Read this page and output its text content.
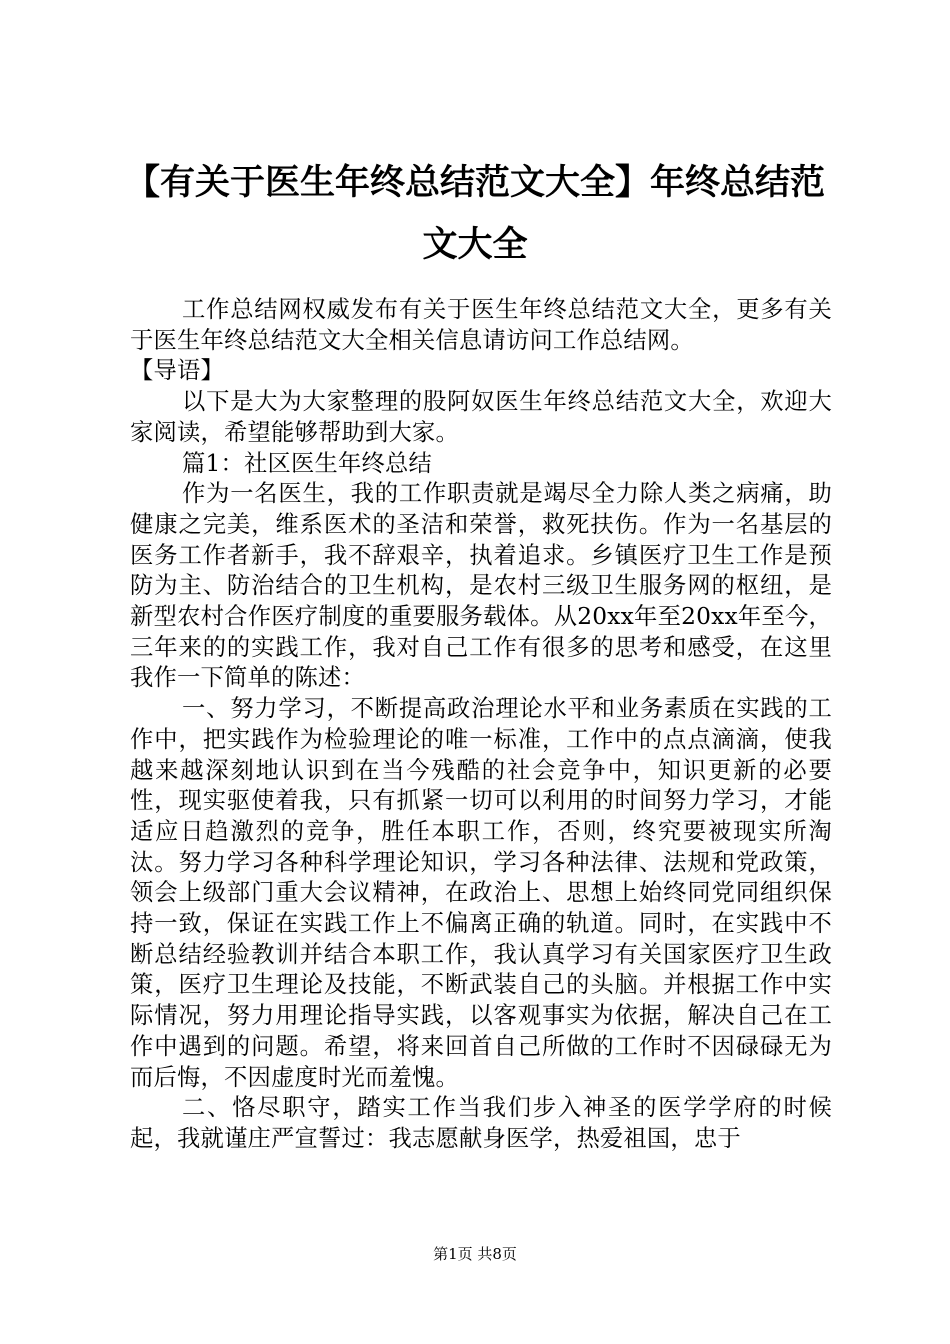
【有关于医生年终总结范文大全】年终总结范
文大全

工作总结网权威发布有关于医生年终总结范文大全，更多有关于医生年终总结范文大全相关信息请访问工作总结网。

【导语】

以下是大为大家整理的股阿奴医生年终总结范文大全，欢迎大家阅读，希望能够帮助到大家。

篇1：社区医生年终总结

作为一名医生，我的工作职责就是竭尽全力除人类之病痛，助健康之完美，维系医术的圣洁和荣誉，救死扶伤。作为一名基层的医务工作者新手，我不辞艰辛，执着追求。乡镇医疗卫生工作是预防为主、防治结合的卫生机构，是农村三级卫生服务网的枢纽，是新型农村合作医疗制度的重要服务载体。从20xx年至20xx年至今，三年来的的实践工作，我对自己工作有很多的思考和感受，在这里我作一下简单的陈述：

一、努力学习，不断提高政治理论水平和业务素质在实践的工作中，把实践作为检验理论的唯一标准，工作中的点点滴滴，使我越来越深刻地认识到在当今残酷的社会竞争中，知识更新的必要性，现实驱使着我，只有抓紧一切可以利用的时间努力学习，才能适应日趋激烈的竞争，胜任本职工作，否则，终究要被现实所淘汰。努力学习各种科学理论知识，学习各种法律、法规和党政策，领会上级部门重大会议精神，在政治上、思想上始终同党同组织保持一致，保证在实践工作上不偏离正确的轨道。同时，在实践中不断总结经验教训并结合本职工作，我认真学习有关国家医疗卫生政策，医疗卫生理论及技能，不断武装自己的头脑。并根据工作中实际情况，努力用理论指导实践，以客观事实为依据，解决自己在工作中遇到的问题。希望，将来回首自己所做的工作时不因碌碌无为而后悔，不因虚度时光而羞愧。

二、恪尽职守，踏实工作当我们步入神圣的医学学府的时候起，我就谨庄严宣誓过：我志愿献身医学，热爱祖国，忠于

第1页 共8页
